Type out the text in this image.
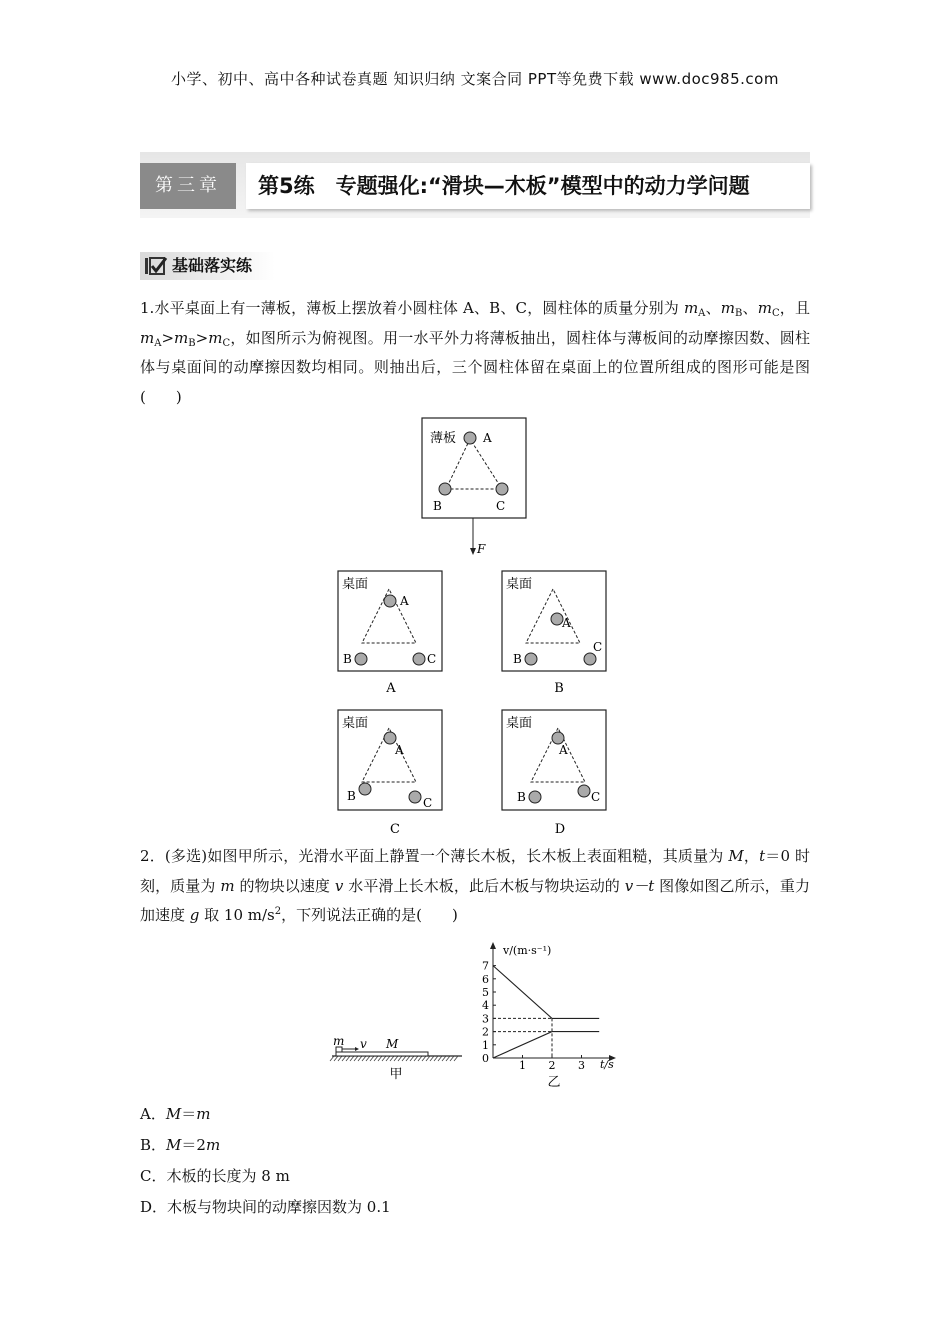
小学、初中、高中各种试卷真题 知识归纳 文案合同 PPT等免费下载 www.doc985.com
第三章	第5练　专题强化:“滑块—木板”模型中的动力学问题
基础落实练
1.水平桌面上有一薄板，薄板上摆放着小圆柱体 A、B、C，圆柱体的质量分别为 $m_A$、$m_B$、$m_C$，且 $m_A>m_B>m_C$，如图所示为俯视图。用一水平外力将薄板抽出，圆柱体与薄板间的动摩擦因数、圆柱体与桌面间的动摩擦因数均相同。则抽出后，三个圆柱体留在桌面上的位置所组成的图形可能是图(　　)
薄板 A
B	C
F
桌面
A
B	C
A
桌面
A
B
C
B
桌面
A
B	C
C
桌面
A
B	C
D
2．(多选)如图甲所示，光滑水平面上静置一个薄长木板，长木板上表面粗糙，其质量为 M，t＝0 时刻，质量为 m 的物块以速度 v 水平滑上长木板，此后木板与物块运动的 v－t 图像如图乙所示，重力加速度 g 取 10 $m/s^2$，下列说法正确的是(　　)
m v M
甲
v/(m·s⁻¹)
t/s
乙
0
1
2
3
4
5
6
7
1 2 3
A．M＝m
B．M＝2m
C．木板的长度为 8 m
D．木板与物块间的动摩擦因数为 0.1
